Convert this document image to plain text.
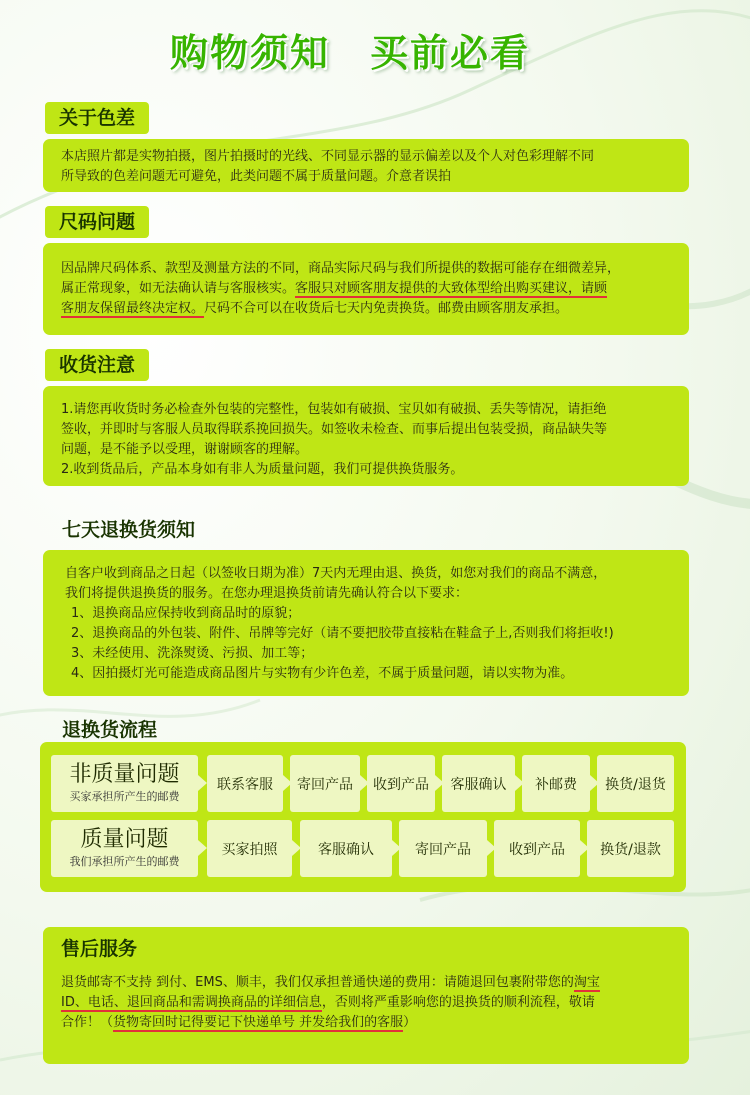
购物须知　买前必看
关于色差

本店照片都是实物拍摄，图片拍摄时的光线、不同显示器的显示偏差以及个人对色彩理解不同

所导致的色差问题无可避免，此类问题不属于质量问题。介意者误拍

尺码问题

因品牌尺码体系、款型及测量方法的不同，商品实际尺码与我们所提供的数据可能存在细微差异，

属正常现象，如无法确认请与客服核实。客服只对顾客朋友提供的大致体型给出购买建议，请顾

客朋友保留最终决定权。尺码不合可以在收货后七天内免责换货。邮费由顾客朋友承担。

收货注意

1.请您再收货时务必检查外包装的完整性，包装如有破损、宝贝如有破损、丢失等情况，请拒绝

签收，并即时与客服人员取得联系挽回损失。如签收未检查、而事后提出包装受损，商品缺失等

问题，是不能予以受理，谢谢顾客的理解。

2.收到货品后，产品本身如有非人为质量问题，我们可提供换货服务。

七天退换货须知

自客户收到商品之日起（以签收日期为准）7天内无理由退、换货，如您对我们的商品不满意，

我们将提供退换货的服务。在您办理退换货前请先确认符合以下要求：

1、退换商品应保持收到商品时的原貌；

2、退换商品的外包装、附件、吊牌等完好（请不要把胶带直接粘在鞋盒子上,否则我们将拒收!)

3、未经使用、洗涤熨烫、污损、加工等；

4、因拍摄灯光可能造成商品图片与实物有少许色差，不属于质量问题，请以实物为准。

退换货流程
非质量问题
买家承担所产生的邮费
联系客服	寄回产品	收到产品	客服确认	补邮费	换货/退货
质量问题
我们承担所产生的邮费
买家拍照	客服确认	寄回产品	收到产品	换货/退款
售后服务

退货邮寄不支持 到付、EMS、顺丰，我们仅承担普通快递的费用：请随退回包裹附带您的淘宝

ID、电话、退回商品和需调换商品的详细信息，否则将严重影响您的退换货的顺利流程，敬请

合作！（货物寄回时记得要记下快递单号 并发给我们的客服）
